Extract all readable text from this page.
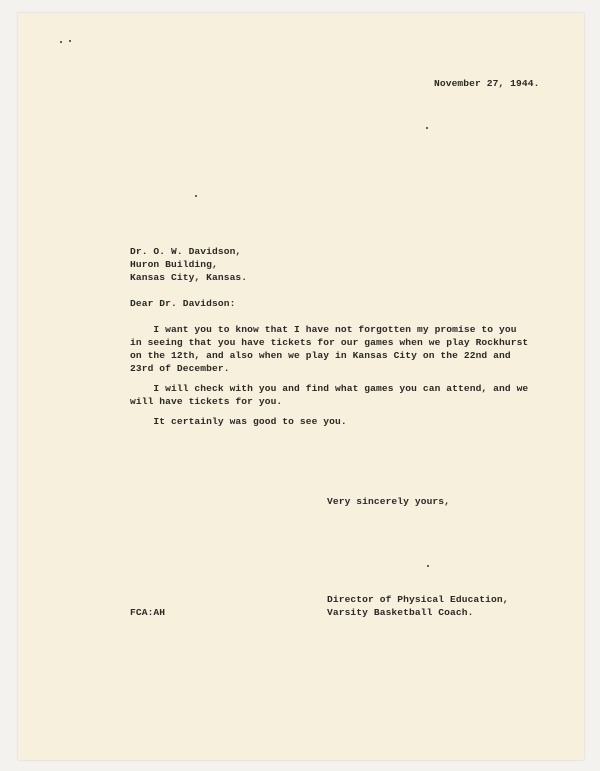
November 27, 1944.
Dr. O. W. Davidson,
Huron Building,
Kansas City, Kansas.
Dear Dr. Davidson:
I want you to know that I have not forgotten my promise to you
in seeing that you have tickets for our games when we play Rockhurst
on the 12th, and also when we play in Kansas City on the 22nd and
23rd of December.
I will check with you and find what games you can attend, and we
will have tickets for you.
It certainly was good to see you.
Very sincerely yours,
Director of Physical Education,
Varsity Basketball Coach.
FCA:AH
